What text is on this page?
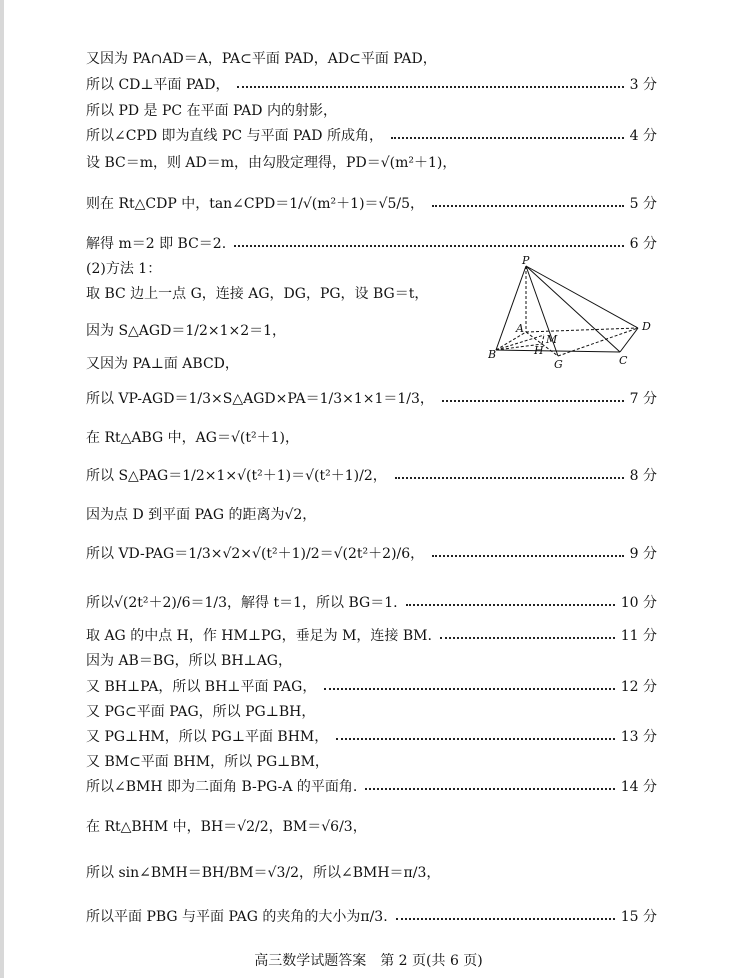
又因为 PA∩AD＝A，PA⊂平面 PAD，AD⊂平面 PAD，
所以 CD⊥平面 PAD，	3 分
所以 PD 是 PC 在平面 PAD 内的射影，
所以∠CPD 即为直线 PC 与平面 PAD 所成角，	4 分
设 BC＝m，则 AD＝m，由勾股定理得，PD＝√(m²＋1)，
则在 Rt△CDP 中，tan∠CPD＝1/√(m²＋1)＝√5/5，	5 分
解得 m＝2 即 BC＝2.	6 分
(2)方法 1：
取 BC 边上一点 G，连接 AG，DG，PG，设 BG＝t，
因为 S△AGD＝1/2×1×2＝1，
又因为 PA⊥面 ABCD，
所以 VP-AGD＝1/3×S△AGD×PA＝1/3×1×1＝1/3，	7 分
在 Rt△ABG 中，AG＝√(t²＋1)，
所以 S△PAG＝1/2×1×√(t²＋1)＝√(t²＋1)/2，	8 分
因为点 D 到平面 PAG 的距离为√2，
所以 VD-PAG＝1/3×√2×√(t²＋1)/2＝√(2t²＋2)/6，	9 分
所以√(2t²＋2)/6＝1/3，解得 t＝1，所以 BG＝1.	10 分
取 AG 的中点 H，作 HM⊥PG，垂足为 M，连接 BM.	11 分
因为 AB＝BG，所以 BH⊥AG，
又 BH⊥PA，所以 BH⊥平面 PAG，	12 分
又 PG⊂平面 PAG，所以 PG⊥BH，
又 PG⊥HM，所以 PG⊥平面 BHM，	13 分
又 BM⊂平面 BHM，所以 PG⊥BM，
所以∠BMH 即为二面角 B-PG-A 的平面角.	14 分
在 Rt△BHM 中，BH＝√2/2，BM＝√6/3，
所以 sin∠BMH＝BH/BM＝√3/2，所以∠BMH＝π/3，
所以平面 PBG 与平面 PAG 的夹角的大小为π/3.	15 分
P
A
M
D
B	H
G	C
高三数学试题答案　第 2 页(共 6 页)
